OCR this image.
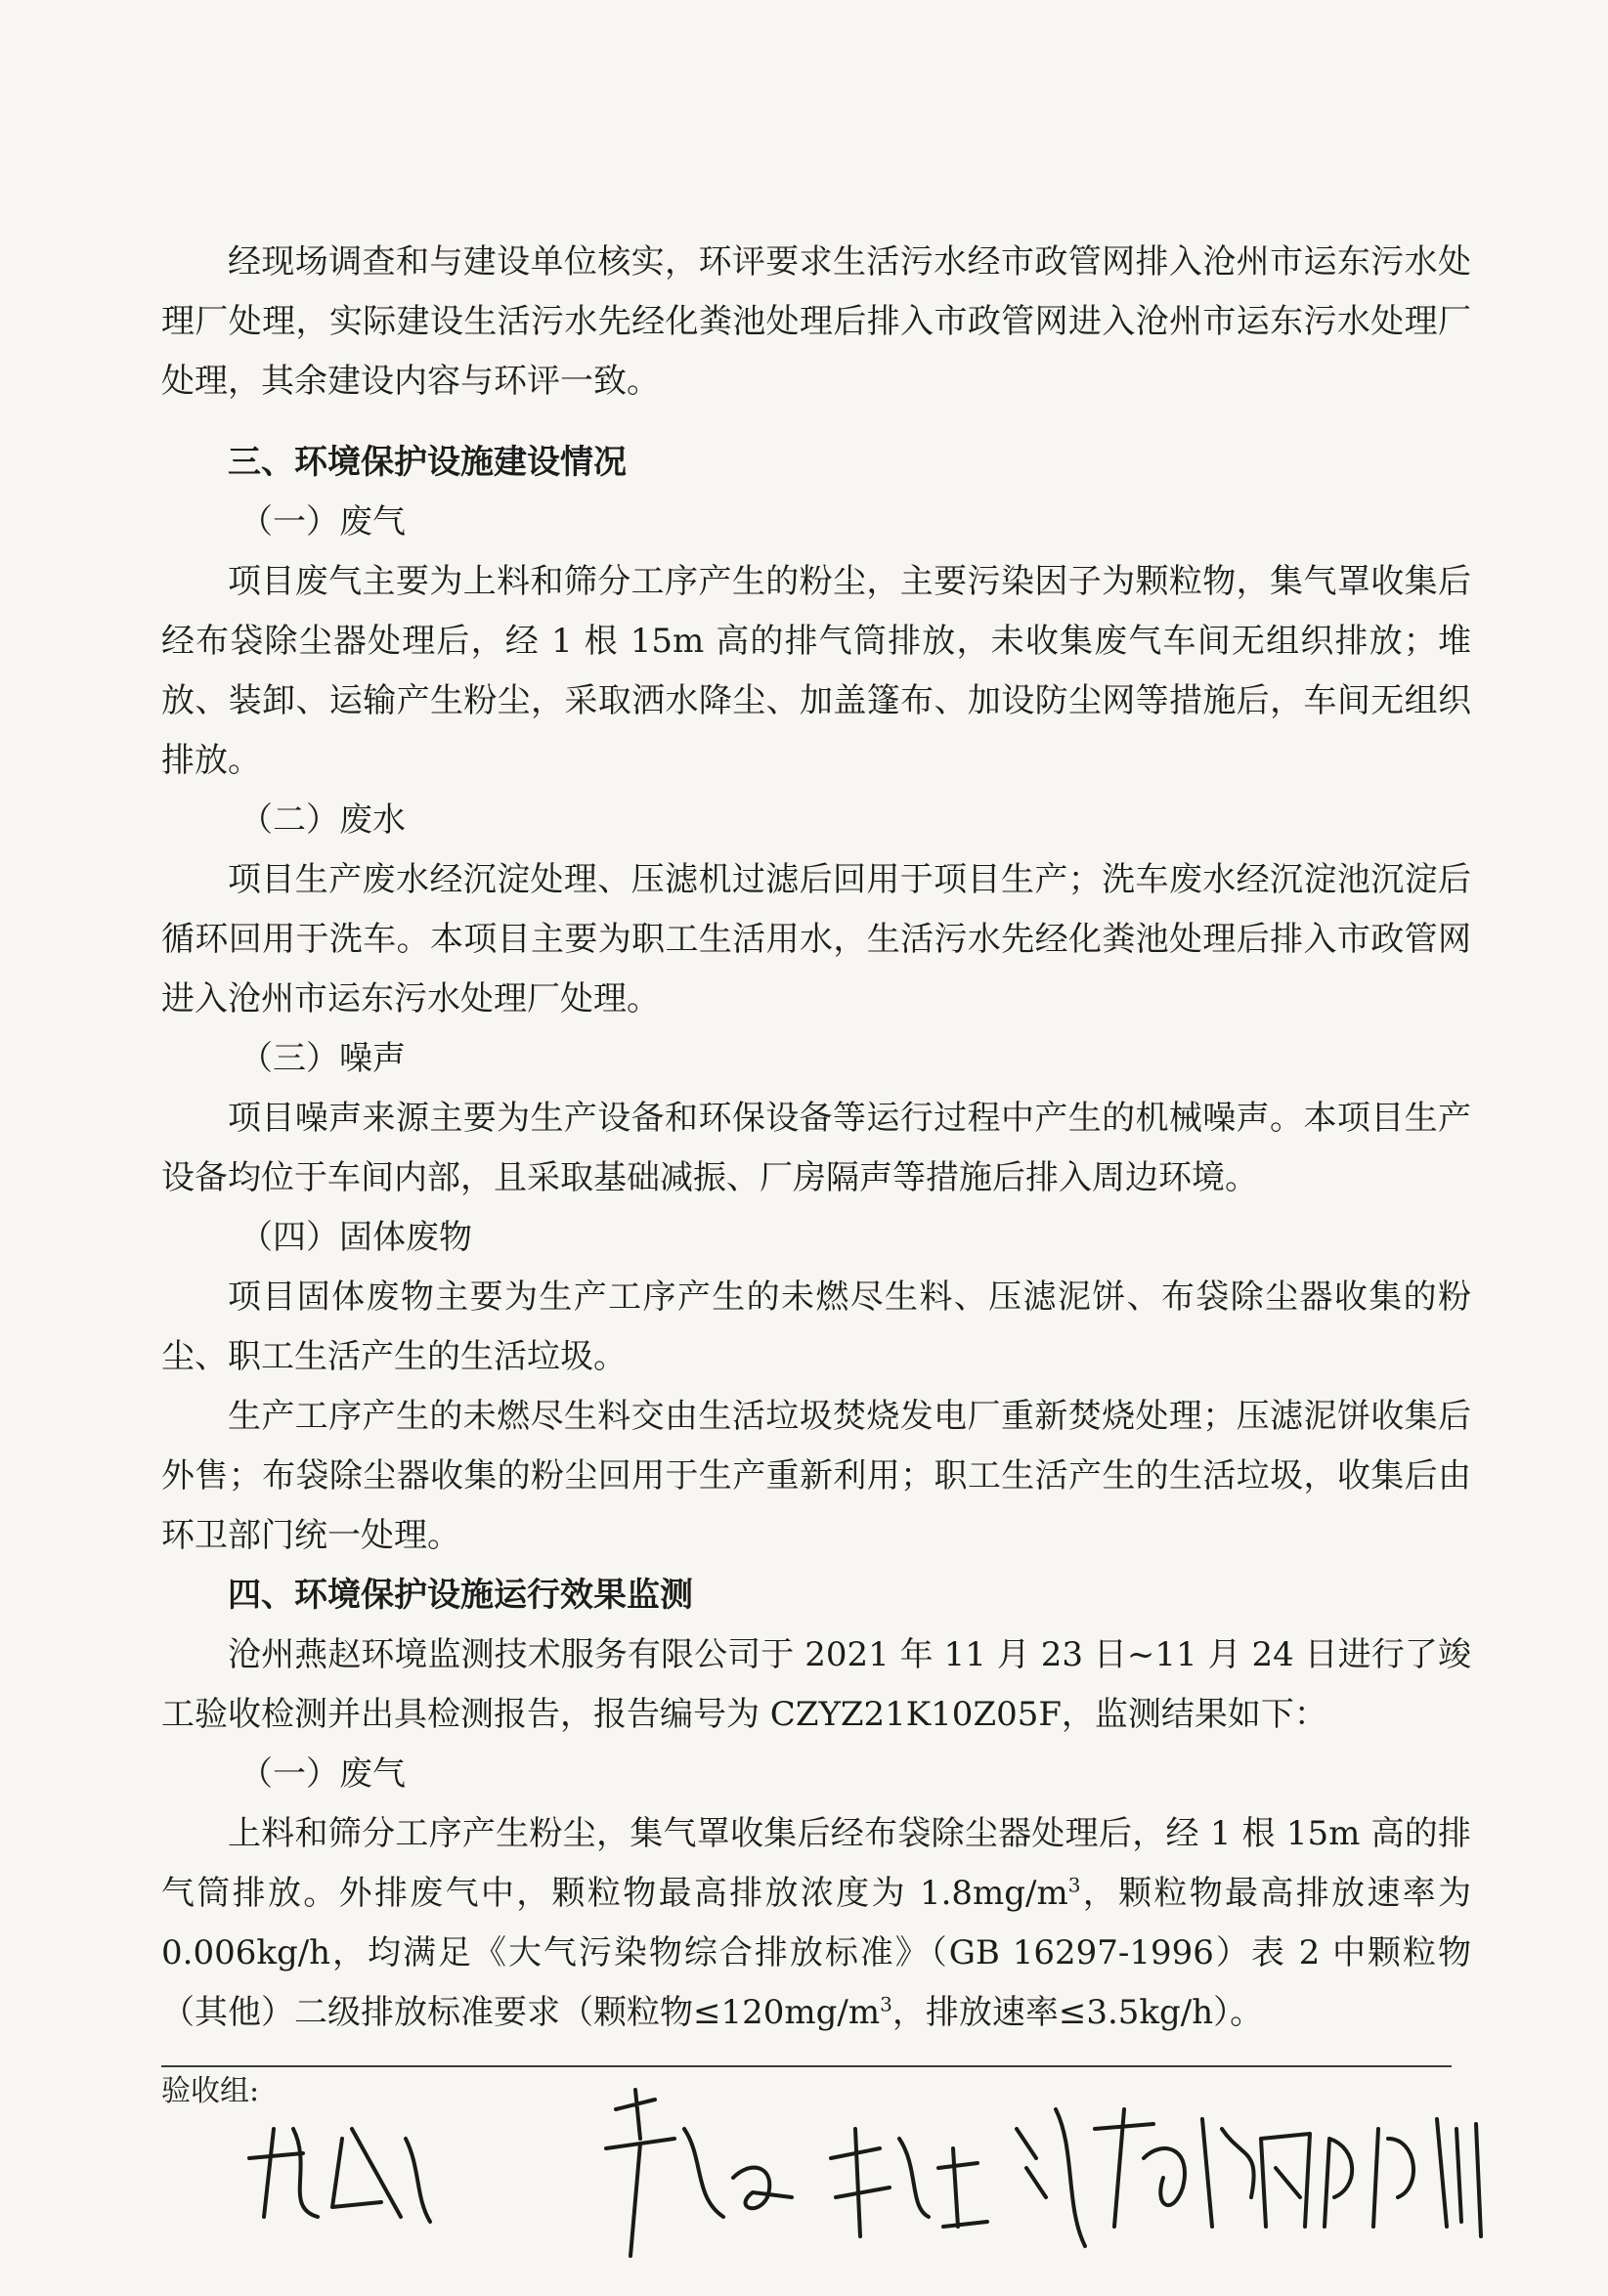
经现场调查和与建设单位核实，环评要求生活污水经市政管网排入沧州市运东污水处理厂处理，实际建设生活污水先经化粪池处理后排入市政管网进入沧州市运东污水处理厂处理，其余建设内容与环评一致。

三、环境保护设施建设情况

（一）废气

项目废气主要为上料和筛分工序产生的粉尘，主要污染因子为颗粒物，集气罩收集后经布袋除尘器处理后，经 1 根 15m 高的排气筒排放，未收集废气车间无组织排放；堆放、装卸、运输产生粉尘，采取洒水降尘、加盖篷布、加设防尘网等措施后，车间无组织排放。

（二）废水

项目生产废水经沉淀处理、压滤机过滤后回用于项目生产；洗车废水经沉淀池沉淀后循环回用于洗车。本项目主要为职工生活用水，生活污水先经化粪池处理后排入市政管网进入沧州市运东污水处理厂处理。

（三）噪声

项目噪声来源主要为生产设备和环保设备等运行过程中产生的机械噪声。本项目生产设备均位于车间内部，且采取基础减振、厂房隔声等措施后排入周边环境。

（四）固体废物

项目固体废物主要为生产工序产生的未燃尽生料、压滤泥饼、布袋除尘器收集的粉尘、职工生活产生的生活垃圾。

生产工序产生的未燃尽生料交由生活垃圾焚烧发电厂重新焚烧处理；压滤泥饼收集后外售；布袋除尘器收集的粉尘回用于生产重新利用；职工生活产生的生活垃圾，收集后由环卫部门统一处理。

四、环境保护设施运行效果监测

沧州燕赵环境监测技术服务有限公司于 2021 年 11 月 23 日~11 月 24 日进行了竣工验收检测并出具检测报告，报告编号为 CZYZ21K10Z05F，监测结果如下：

（一）废气

上料和筛分工序产生粉尘，集气罩收集后经布袋除尘器处理后，经 1 根 15m 高的排气筒排放。外排废气中，颗粒物最高排放浓度为 $1.8mg/m^3$，颗粒物最高排放速率为 0.006kg/h，均满足《大气污染物综合排放标准》（GB 16297-1996）表 2 中颗粒物（其他）二级排放标准要求（颗粒物$\le 120mg/m^3$，排放速率≤3.5kg/h）。

验收组:
